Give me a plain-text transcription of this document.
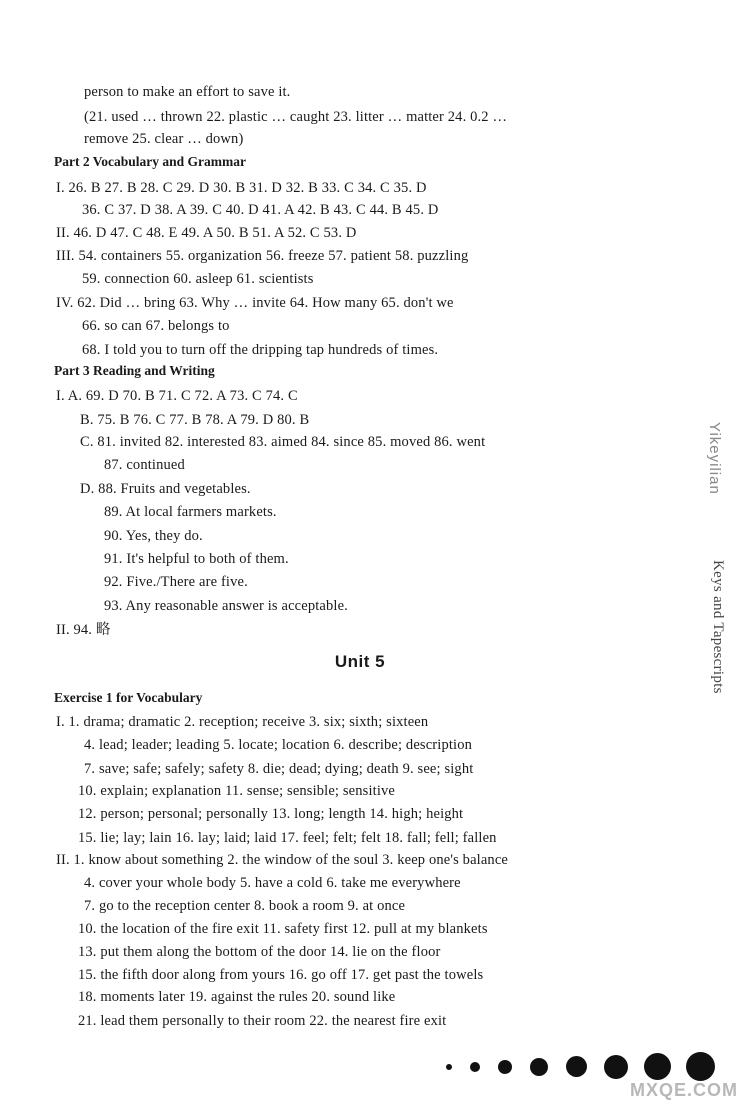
person to make an effort to save it.
(21. used … thrown 22. plastic … caught 23. litter … matter 24. 0.2 …
remove 25. clear … down)
Part 2 Vocabulary and Grammar
I. 26. B 27. B 28. C 29. D 30. B 31. D 32. B 33. C 34. C 35. D
36. C 37. D 38. A 39. C 40. D 41. A 42. B 43. C 44. B 45. D
II. 46. D 47. C 48. E 49. A 50. B 51. A 52. C 53. D
III. 54. containers 55. organization 56. freeze 57. patient 58. puzzling
59. connection 60. asleep 61. scientists
IV. 62. Did … bring 63. Why … invite 64. How many 65. don't we
66. so can 67. belongs to
68. I told you to turn off the dripping tap hundreds of times.
Part 3 Reading and Writing
I. A. 69. D 70. B 71. C 72. A 73. C 74. C
B. 75. B 76. C 77. B 78. A 79. D 80. B
C. 81. invited 82. interested 83. aimed 84. since 85. moved 86. went
87. continued
D. 88. Fruits and vegetables.
89. At local farmers markets.
90. Yes, they do.
91. It's helpful to both of them.
92. Five./There are five.
93. Any reasonable answer is acceptable.
II. 94. 略
Unit 5
Exercise 1 for Vocabulary
I. 1. drama; dramatic 2. reception; receive 3. six; sixth; sixteen
4. lead; leader; leading 5. locate; location 6. describe; description
7. save; safe; safely; safety 8. die; dead; dying; death 9. see; sight
10. explain; explanation 11. sense; sensible; sensitive
12. person; personal; personally 13. long; length 14. high; height
15. lie; lay; lain 16. lay; laid; laid 17. feel; felt; felt 18. fall; fell; fallen
II. 1. know about something 2. the window of the soul 3. keep one's balance
4. cover your whole body 5. have a cold 6. take me everywhere
7. go to the reception center 8. book a room 9. at once
10. the location of the fire exit 11. safety first 12. pull at my blankets
13. put them along the bottom of the door 14. lie on the floor
15. the fifth door along from yours 16. go off 17. get past the towels
18. moments later 19. against the rules 20. sound like
21. lead them personally to their room 22. the nearest fire exit
Yikeyilian
Keys and Tapescripts
MXQE.COM
